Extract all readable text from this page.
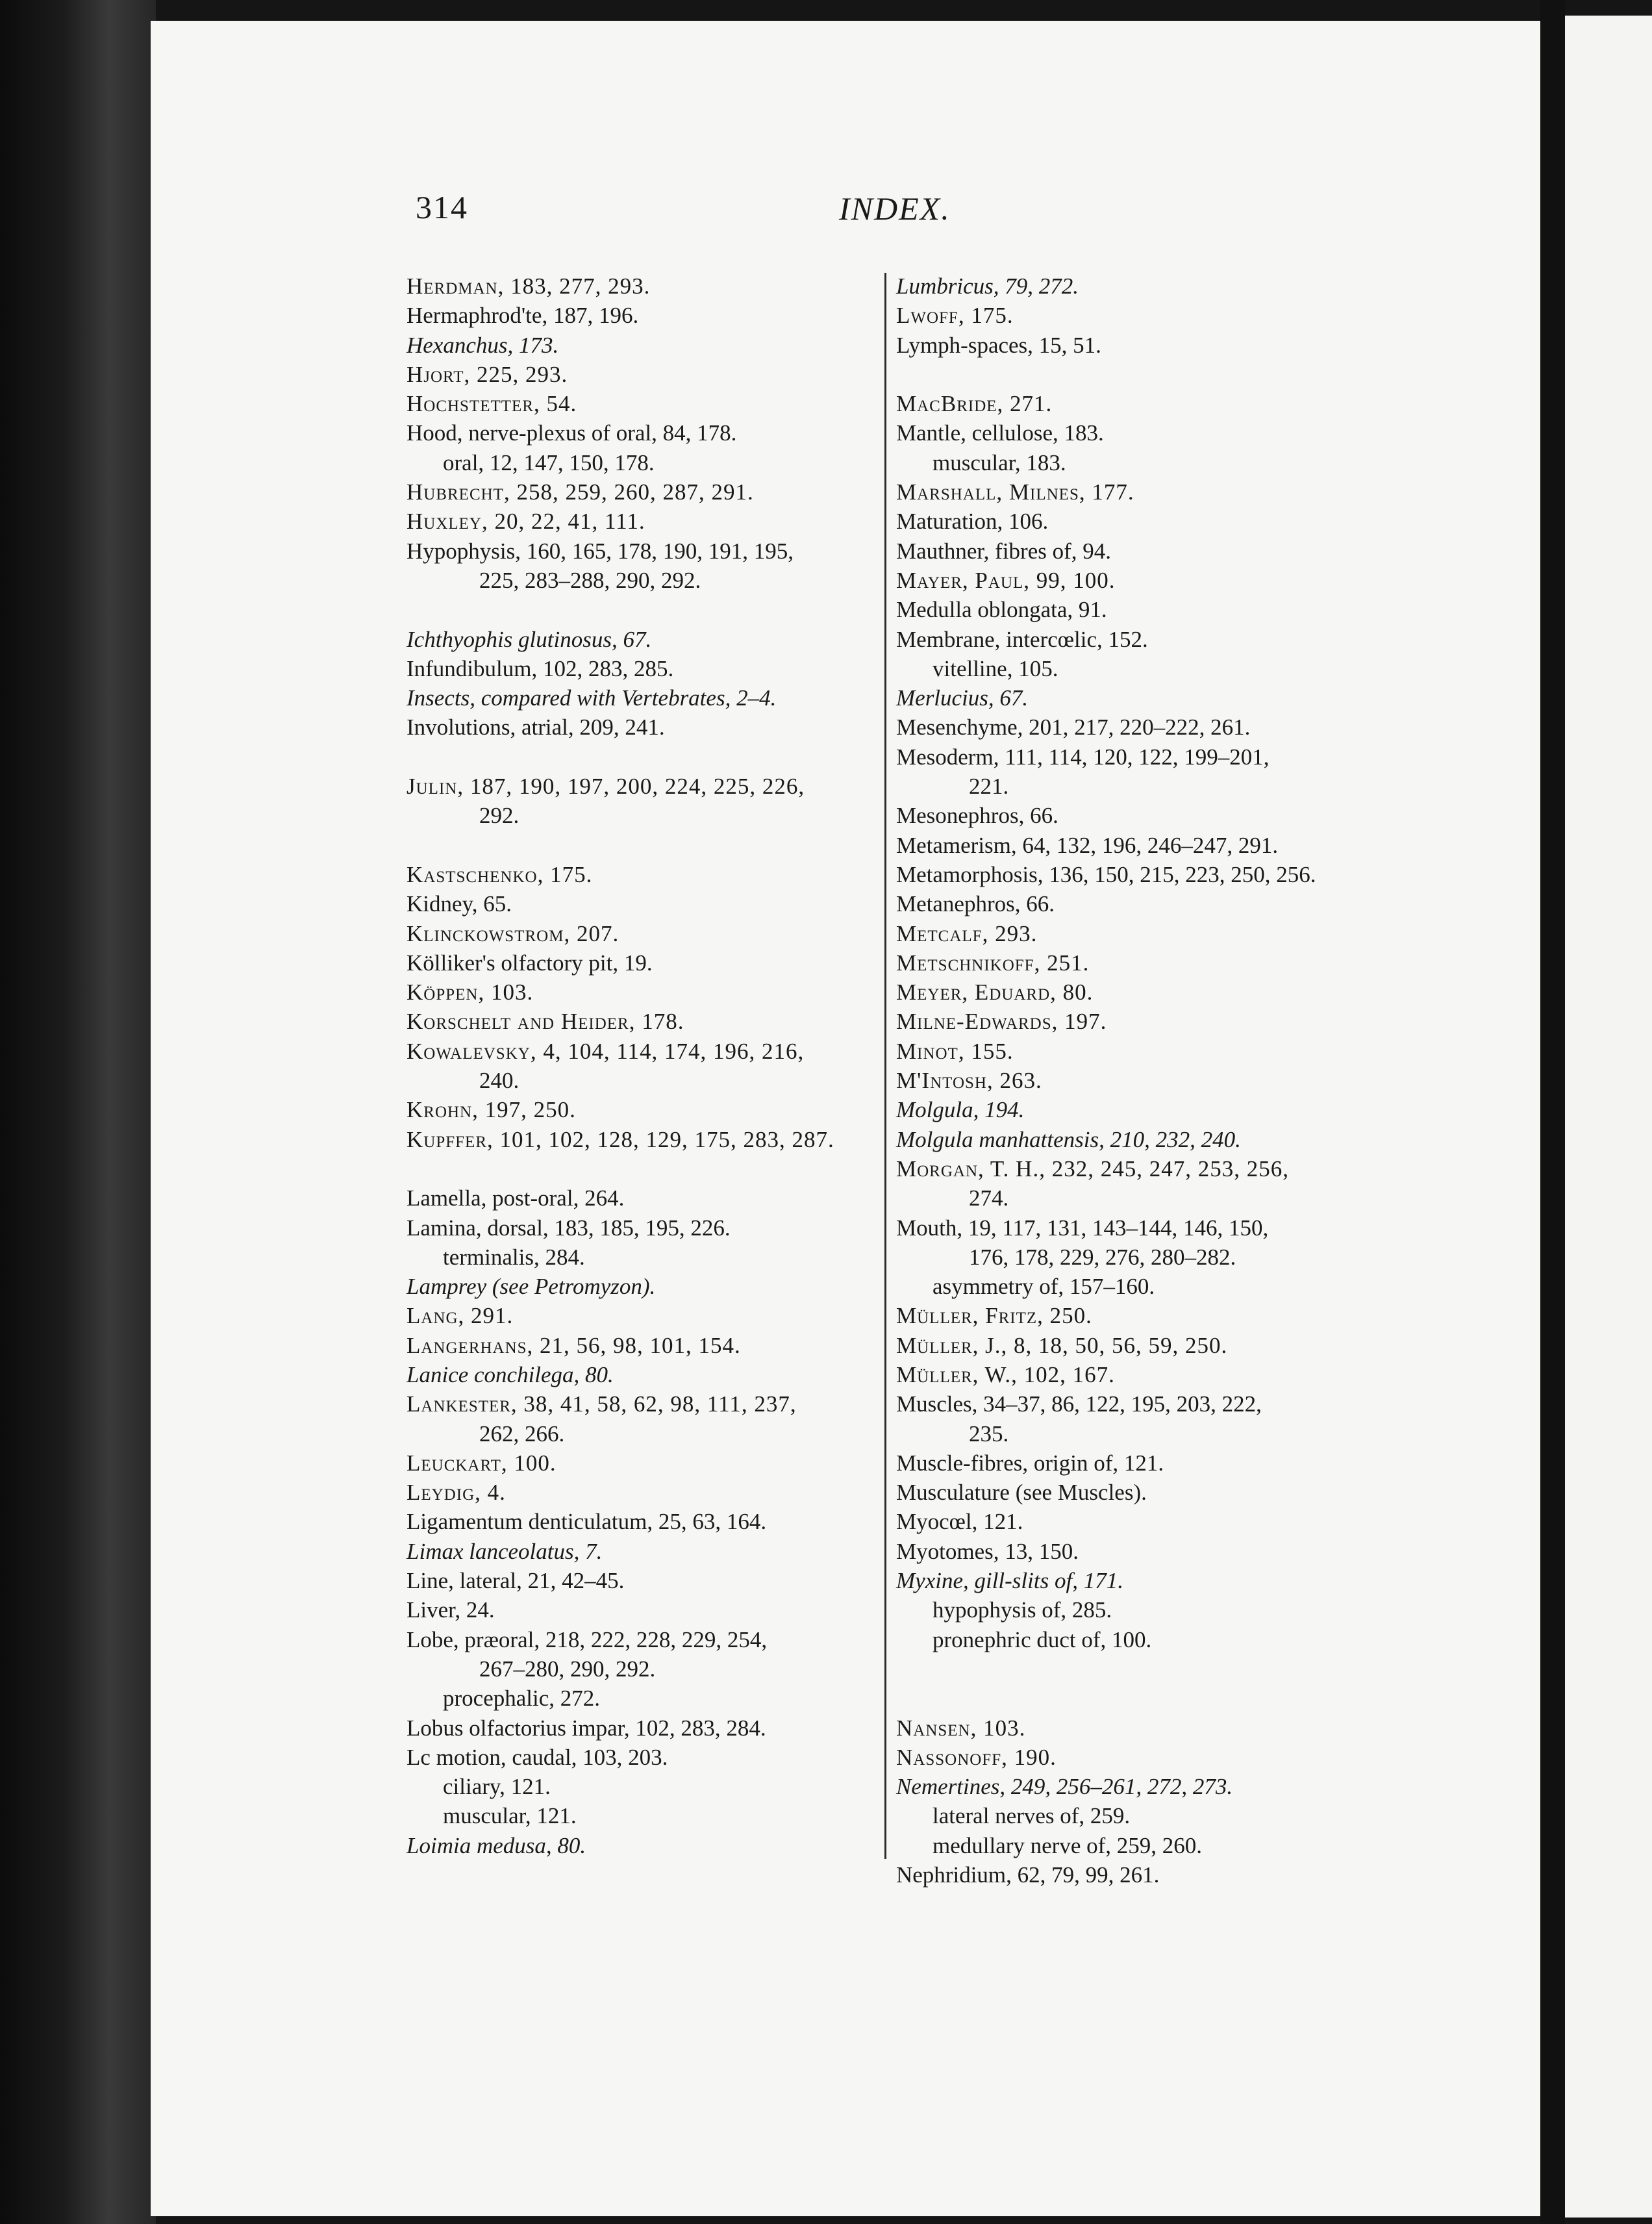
314	INDEX.
Herdman, 183, 277, 293.
Hermaphrod'te, 187, 196.
Hexanchus, 173.
Hjort, 225, 293.
Hochstetter, 54.
Hood, nerve-plexus of oral, 84, 178.
oral, 12, 147, 150, 178.
Hubrecht, 258, 259, 260, 287, 291.
Huxley, 20, 22, 41, 111.
Hypophysis, 160, 165, 178, 190, 191, 195,
225, 283–288, 290, 292.
Ichthyophis glutinosus, 67.
Infundibulum, 102, 283, 285.
Insects, compared with Vertebrates, 2–4.
Involutions, atrial, 209, 241.
Julin, 187, 190, 197, 200, 224, 225, 226,
292.
Kastschenko, 175.
Kidney, 65.
Klinckowstrom, 207.
Kölliker's olfactory pit, 19.
Köppen, 103.
Korschelt and Heider, 178.
Kowalevsky, 4, 104, 114, 174, 196, 216,
240.
Krohn, 197, 250.
Kupffer, 101, 102, 128, 129, 175, 283, 287.
Lamella, post-oral, 264.
Lamina, dorsal, 183, 185, 195, 226.
terminalis, 284.
Lamprey (see Petromyzon).
Lang, 291.
Langerhans, 21, 56, 98, 101, 154.
Lanice conchilega, 80.
Lankester, 38, 41, 58, 62, 98, 111, 237,
262, 266.
Leuckart, 100.
Leydig, 4.
Ligamentum denticulatum, 25, 63, 164.
Limax lanceolatus, 7.
Line, lateral, 21, 42–45.
Liver, 24.
Lobe, præoral, 218, 222, 228, 229, 254,
267–280, 290, 292.
procephalic, 272.
Lobus olfactorius impar, 102, 283, 284.
Lc motion, caudal, 103, 203.
ciliary, 121.
muscular, 121.
Loimia medusa, 80.
Lumbricus, 79, 272.
Lwoff, 175.
Lymph-spaces, 15, 51.
MacBride, 271.
Mantle, cellulose, 183.
muscular, 183.
Marshall, Milnes, 177.
Maturation, 106.
Mauthner, fibres of, 94.
Mayer, Paul, 99, 100.
Medulla oblongata, 91.
Membrane, intercœlic, 152.
vitelline, 105.
Merlucius, 67.
Mesenchyme, 201, 217, 220–222, 261.
Mesoderm, 111, 114, 120, 122, 199–201,
221.
Mesonephros, 66.
Metamerism, 64, 132, 196, 246–247, 291.
Metamorphosis, 136, 150, 215, 223, 250, 256.
Metanephros, 66.
Metcalf, 293.
Metschnikoff, 251.
Meyer, Eduard, 80.
Milne-Edwards, 197.
Minot, 155.
M'Intosh, 263.
Molgula, 194.
Molgula manhattensis, 210, 232, 240.
Morgan, T. H., 232, 245, 247, 253, 256,
274.
Mouth, 19, 117, 131, 143–144, 146, 150,
176, 178, 229, 276, 280–282.
asymmetry of, 157–160.
Müller, Fritz, 250.
Müller, J., 8, 18, 50, 56, 59, 250.
Müller, W., 102, 167.
Muscles, 34–37, 86, 122, 195, 203, 222,
235.
Muscle-fibres, origin of, 121.
Musculature (see Muscles).
Myocœl, 121.
Myotomes, 13, 150.
Myxine, gill-slits of, 171.
hypophysis of, 285.
pronephric duct of, 100.
Nansen, 103.
Nassonoff, 190.
Nemertines, 249, 256–261, 272, 273.
lateral nerves of, 259.
medullary nerve of, 259, 260.
Nephridium, 62, 79, 99, 261.
